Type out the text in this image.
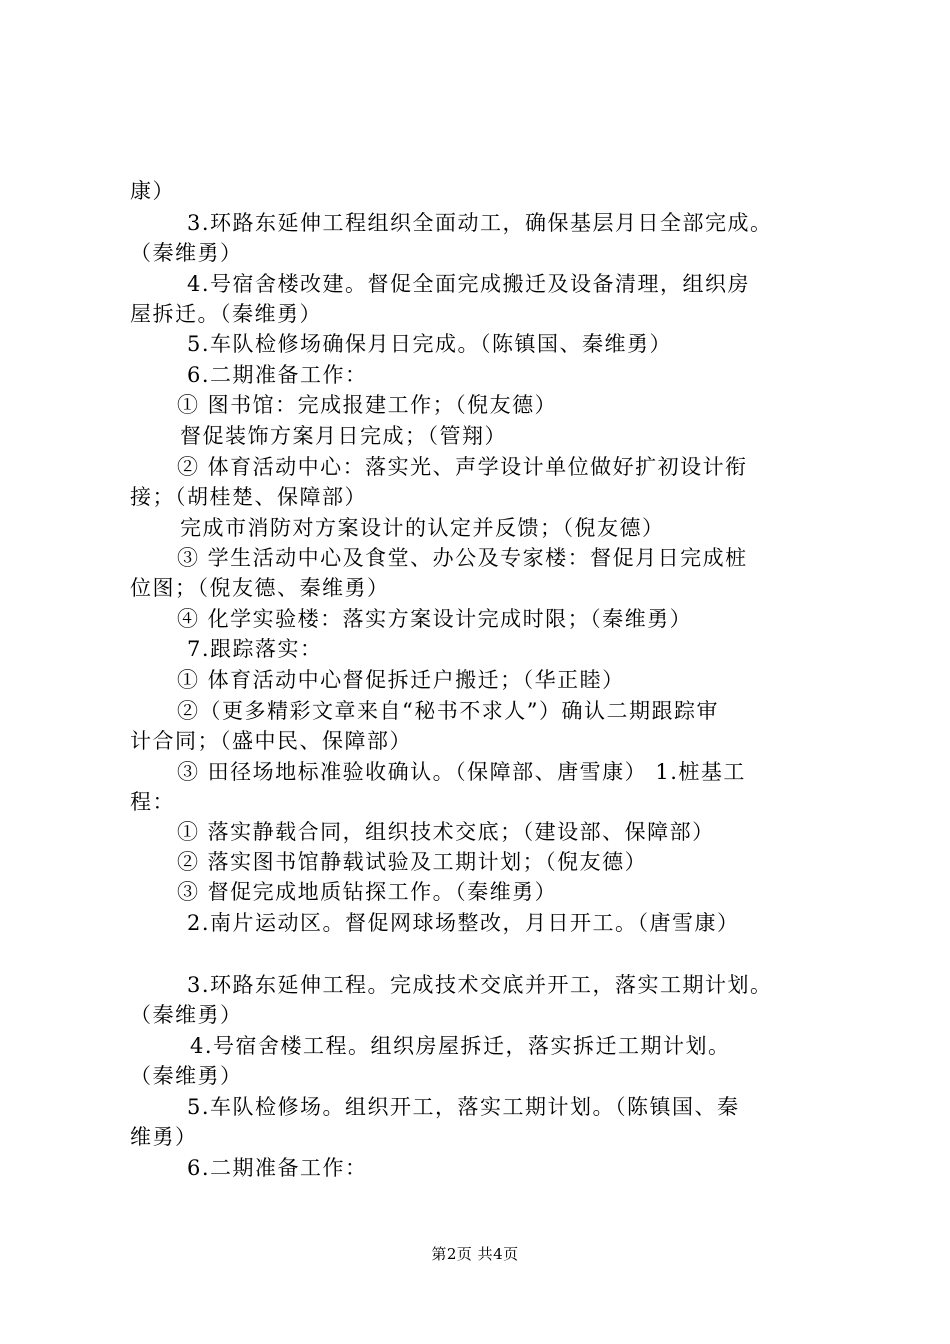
康）
3.环路东延伸工程组织全面动工，确保基层月日全部完成。
（秦维勇）
4.号宿舍楼改建。督促全面完成搬迁及设备清理，组织房
屋拆迁。（秦维勇）
5.车队检修场确保月日完成。（陈镇国、秦维勇）
6.二期准备工作：
① 图书馆：完成报建工作；（倪友德）
督促装饰方案月日完成；（管翔）
② 体育活动中心：落实光、声学设计单位做好扩初设计衔
接；（胡桂楚、保障部）
完成市消防对方案设计的认定并反馈；（倪友德）
③ 学生活动中心及食堂、办公及专家楼：督促月日完成桩
位图；（倪友德、秦维勇）
④ 化学实验楼：落实方案设计完成时限；（秦维勇）
7.跟踪落实：
① 体育活动中心督促拆迁户搬迁；（华正睦）
②（更多精彩文章来自“秘书不求人”）确认二期跟踪审
计合同；（盛中民、保障部）
③ 田径场地标准验收确认。（保障部、唐雪康） 1.桩基工
程：
① 落实静载合同，组织技术交底；（建设部、保障部）
② 落实图书馆静载试验及工期计划；（倪友德）
③ 督促完成地质钻探工作。（秦维勇）
2.南片运动区。督促网球场整改，月日开工。（唐雪康）
3.环路东延伸工程。完成技术交底并开工，落实工期计划。
（秦维勇）
4.号宿舍楼工程。组织房屋拆迁，落实拆迁工期计划。
（秦维勇）
5.车队检修场。组织开工，落实工期计划。（陈镇国、秦
维勇）
6.二期准备工作：
第2页 共4页
